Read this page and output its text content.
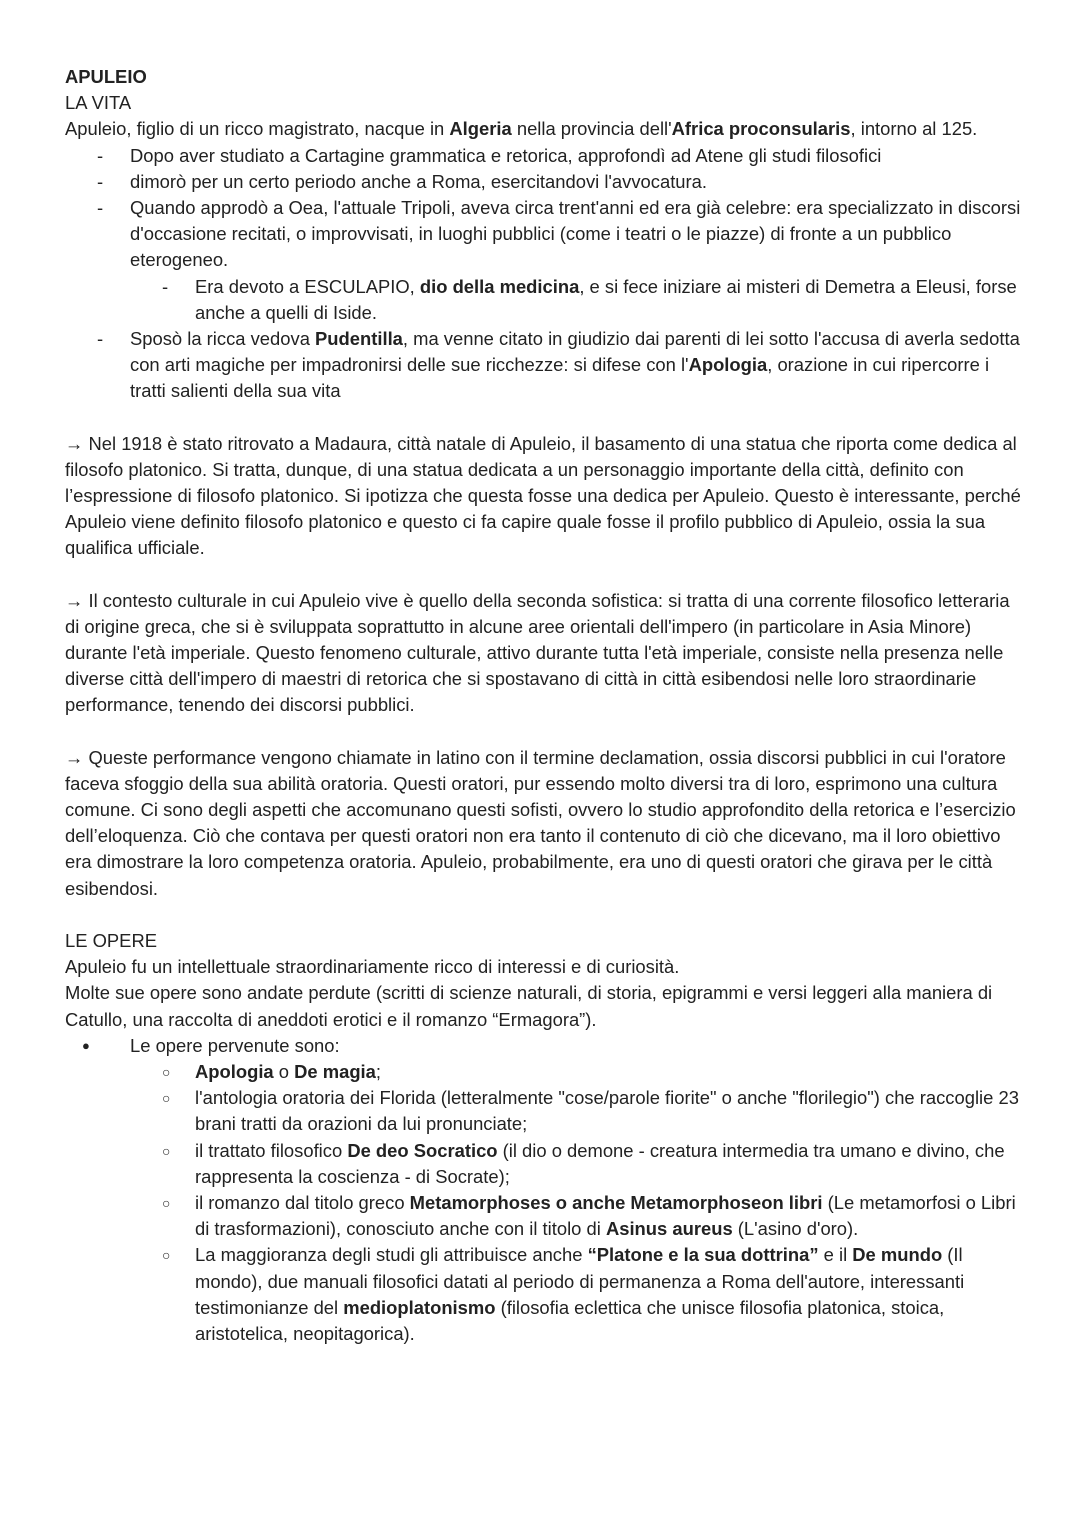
APULEIO

LA VITA

Apuleio, figlio di un ricco magistrato, nacque in Algeria nella provincia dell'Africa proconsularis, intorno al 125.

- Dopo aver studiato a Cartagine grammatica e retorica, approfondì ad Atene gli studi filosofici
- dimorò per un certo periodo anche a Roma, esercitandovi l'avvocatura.
- Quando approdò a Oea, l'attuale Tripoli, aveva circa trent'anni ed era già celebre: era specializzato in discorsi d'occasione recitati, o improvvisati, in luoghi pubblici (come i teatri o le piazze) di fronte a un pubblico eterogeneo.
- Era devoto a ESCULAPIO, dio della medicina, e si fece iniziare ai misteri di Demetra a Eleusi, forse anche a quelli di Iside.
- Sposò la ricca vedova Pudentilla, ma venne citato in giudizio dai parenti di lei sotto l'accusa di averla sedotta con arti magiche per impadronirsi delle sue ricchezze: si difese con l'Apologia, orazione in cui ripercorre i tratti salienti della sua vita

→ Nel 1918 è stato ritrovato a Madaura, città natale di Apuleio, il basamento di una statua che riporta come dedica al filosofo platonico. Si tratta, dunque, di una statua dedicata a un personaggio importante della città, definito con l’espressione di filosofo platonico. Si ipotizza che questa fosse una dedica per Apuleio. Questo è interessante, perché Apuleio viene definito filosofo platonico e questo ci fa capire quale fosse il profilo pubblico di Apuleio, ossia la sua qualifica ufficiale.

→ Il contesto culturale in cui Apuleio vive è quello della seconda sofistica: si tratta di una corrente filosofico letteraria di origine greca, che si è sviluppata soprattutto in alcune aree orientali dell'impero (in particolare in Asia Minore) durante l'età imperiale. Questo fenomeno culturale, attivo durante tutta l'età imperiale, consiste nella presenza nelle diverse città dell'impero di maestri di retorica che si spostavano di città in città esibendosi nelle loro straordinarie performance, tenendo dei discorsi pubblici.

→ Queste performance vengono chiamate in latino con il termine declamation, ossia discorsi pubblici in cui l'oratore faceva sfoggio della sua abilità oratoria. Questi oratori, pur essendo molto diversi tra di loro, esprimono una cultura comune. Ci sono degli aspetti che accomunano questi sofisti, ovvero lo studio approfondito della retorica e l’esercizio dell’eloquenza. Ciò che contava per questi oratori non era tanto il contenuto di ciò che dicevano, ma il loro obiettivo era dimostrare la loro competenza oratoria. Apuleio, probabilmente, era uno di questi oratori che girava per le città esibendosi.

LE OPERE

Apuleio fu un intellettuale straordinariamente ricco di interessi e di curiosità.

Molte sue opere sono andate perdute (scritti di scienze naturali, di storia, epigrammi e versi leggeri alla maniera di Catullo, una raccolta di aneddoti erotici e il romanzo “Ermagora”).

● Le opere pervenute sono:
○ Apologia o De magia;
○ l'antologia oratoria dei Florida (letteralmente "cose/parole fiorite" o anche "florilegio") che raccoglie 23 brani tratti da orazioni da lui pronunciate;
○ il trattato filosofico De deo Socratico (il dio o demone - creatura intermedia tra umano e divino, che rappresenta la coscienza - di Socrate);
○ il romanzo dal titolo greco Metamorphoses o anche Metamorphoseon libri (Le metamorfosi o Libri di trasformazioni), conosciuto anche con il titolo di Asinus aureus (L'asino d'oro).
○ La maggioranza degli studi gli attribuisce anche “Platone e la sua dottrina” e il De mundo (Il mondo), due manuali filosofici datati al periodo di permanenza a Roma dell'autore, interessanti testimonianze del medioplatonismo (filosofia eclettica che unisce filosofia platonica, stoica, aristotelica, neopitagorica).
